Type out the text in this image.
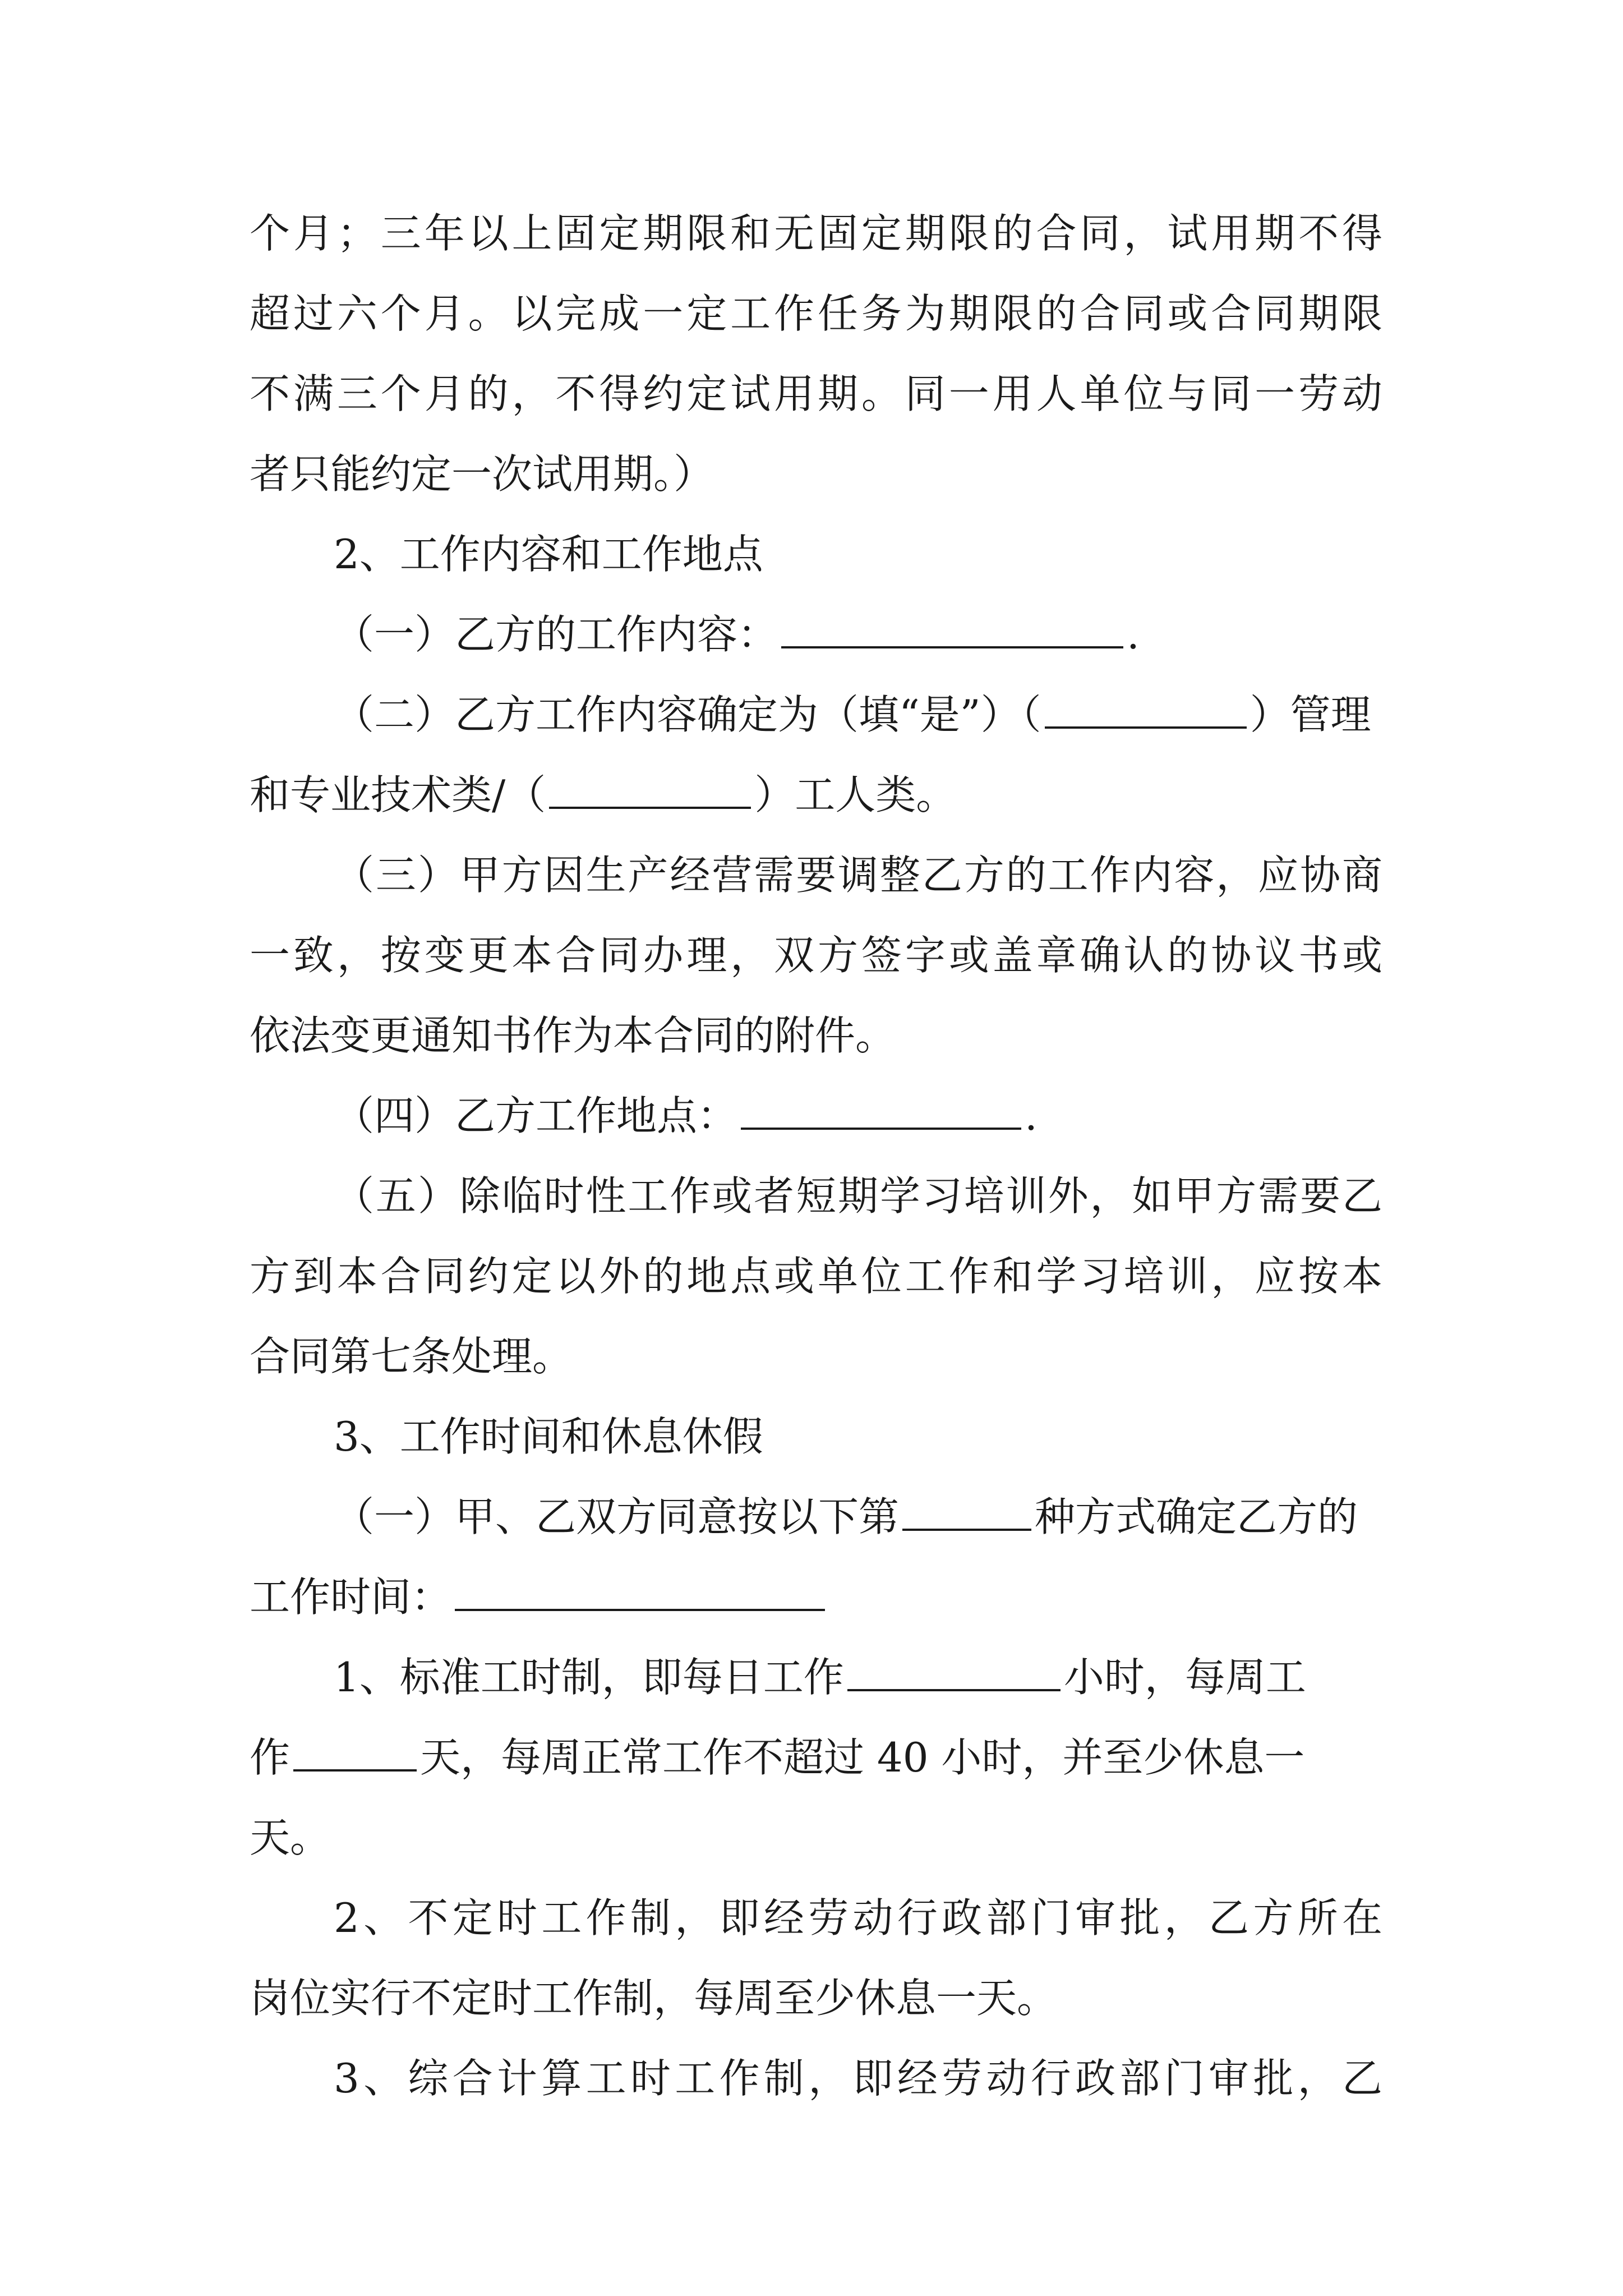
个月；三年以上固定期限和无固定期限的合同，试用期不得
超过六个月。以完成一定工作任务为期限的合同或合同期限
不满三个月的，不得约定试用期。同一用人单位与同一劳动
者只能约定一次试用期。）
2、工作内容和工作地点
（一）乙方的工作内容：	.
（二）乙方工作内容确定为（填“是”）（	）管理
和专业技术类/（	）工人类。
（三）甲方因生产经营需要调整乙方的工作内容，应协商
一致，按变更本合同办理，双方签字或盖章确认的协议书或
依法变更通知书作为本合同的附件。
（四）乙方工作地点：	.
（五）除临时性工作或者短期学习培训外，如甲方需要乙
方到本合同约定以外的地点或单位工作和学习培训，应按本
合同第七条处理。
3、工作时间和休息休假
（一）甲、乙双方同意按以下第	种方式确定乙方的
工作时间：
1、标准工时制，即每日工作	小时，每周工
作	天，每周正常工作不超过 40 小时，并至少休息一
天。
2、不定时工作制，即经劳动行政部门审批，乙方所在
岗位实行不定时工作制，每周至少休息一天。
3、综合计算工时工作制，即经劳动行政部门审批，乙
